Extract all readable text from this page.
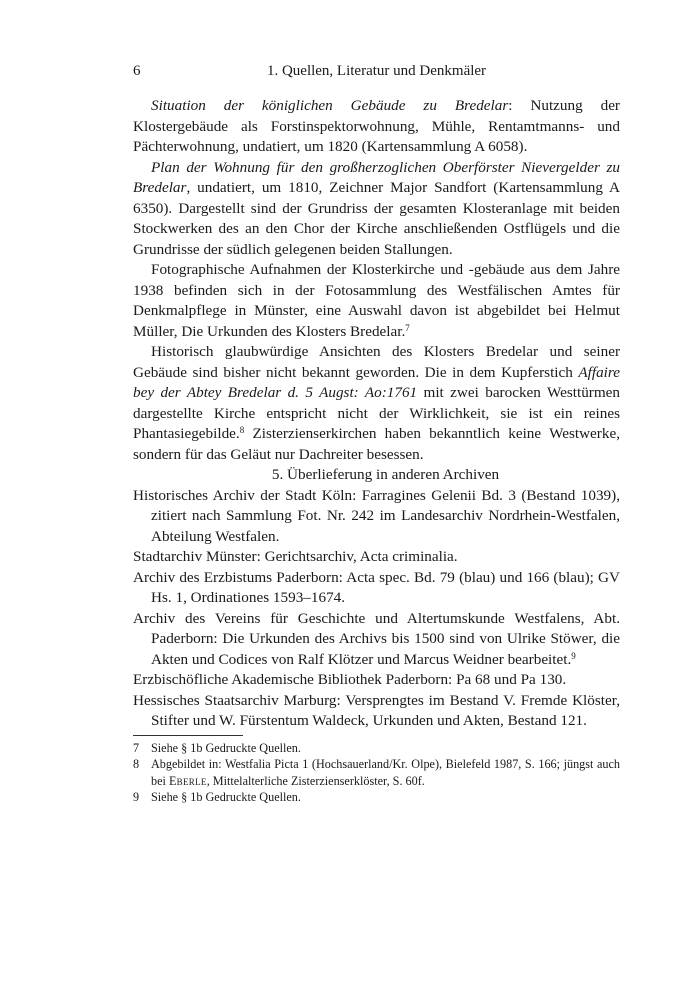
6	1. Quellen, Literatur und Denkmäler

Situation der königlichen Gebäude zu Bredelar: Nutzung der Klostergebäude als Forstinspektorwohnung, Mühle, Rentamtmanns- und Pächterwohnung, undatiert, um 1820 (Kartensammlung A 6058).

Plan der Wohnung für den großherzoglichen Oberförster Nievergelder zu Bredelar, undatiert, um 1810, Zeichner Major Sandfort (Kartensammlung A 6350). Dargestellt sind der Grundriss der gesamten Klosteranlage mit beiden Stockwerken des an den Chor der Kirche anschließenden Ostflügels und die Grundrisse der südlich gelegenen beiden Stallungen.

Fotographische Aufnahmen der Klosterkirche und -gebäude aus dem Jahre 1938 befinden sich in der Fotosammlung des Westfälischen Amtes für Denkmalpflege in Münster, eine Auswahl davon ist abgebildet bei Helmut Müller, Die Urkunden des Klosters Bredelar.$^7$

Historisch glaubwürdige Ansichten des Klosters Bredelar und seiner Gebäude sind bisher nicht bekannt geworden. Die in dem Kupferstich Affaire bey der Abtey Bredelar d. 5 Augst: Ao:1761 mit zwei barocken Westtürmen dargestellte Kirche entspricht nicht der Wirklichkeit, sie ist ein reines Phantasiegebilde.$^8$ Zisterzienserkirchen haben bekanntlich keine Westwerke, sondern für das Geläut nur Dachreiter besessen.

5. Überlieferung in anderen Archiven

Historisches Archiv der Stadt Köln: Farragines Gelenii Bd. 3 (Bestand 1039), zitiert nach Sammlung Fot. Nr. 242 im Landesarchiv Nordrhein-Westfalen, Abteilung Westfalen.

Stadtarchiv Münster: Gerichtsarchiv, Acta criminalia.

Archiv des Erzbistums Paderborn: Acta spec. Bd. 79 (blau) und 166 (blau); GV Hs. 1, Ordinationes 1593–1674.

Archiv des Vereins für Geschichte und Altertumskunde Westfalens, Abt. Paderborn: Die Urkunden des Archivs bis 1500 sind von Ulrike Stöwer, die Akten und Codices von Ralf Klötzer und Marcus Weidner bearbeitet.$^9$

Erzbischöfliche Akademische Bibliothek Paderborn: Pa 68 und Pa 130.

Hessisches Staatsarchiv Marburg: Versprengtes im Bestand V. Fremde Klöster, Stifter und W. Fürstentum Waldeck, Urkunden und Akten, Bestand 121.

7 Siehe § 1b Gedruckte Quellen.
8 Abgebildet in: Westfalia Picta 1 (Hochsauerland/Kr. Olpe), Bielefeld 1987, S. 166; jüngst auch bei Eberle, Mittelalterliche Zisterzienserklöster, S. 60f.
9 Siehe § 1b Gedruckte Quellen.
